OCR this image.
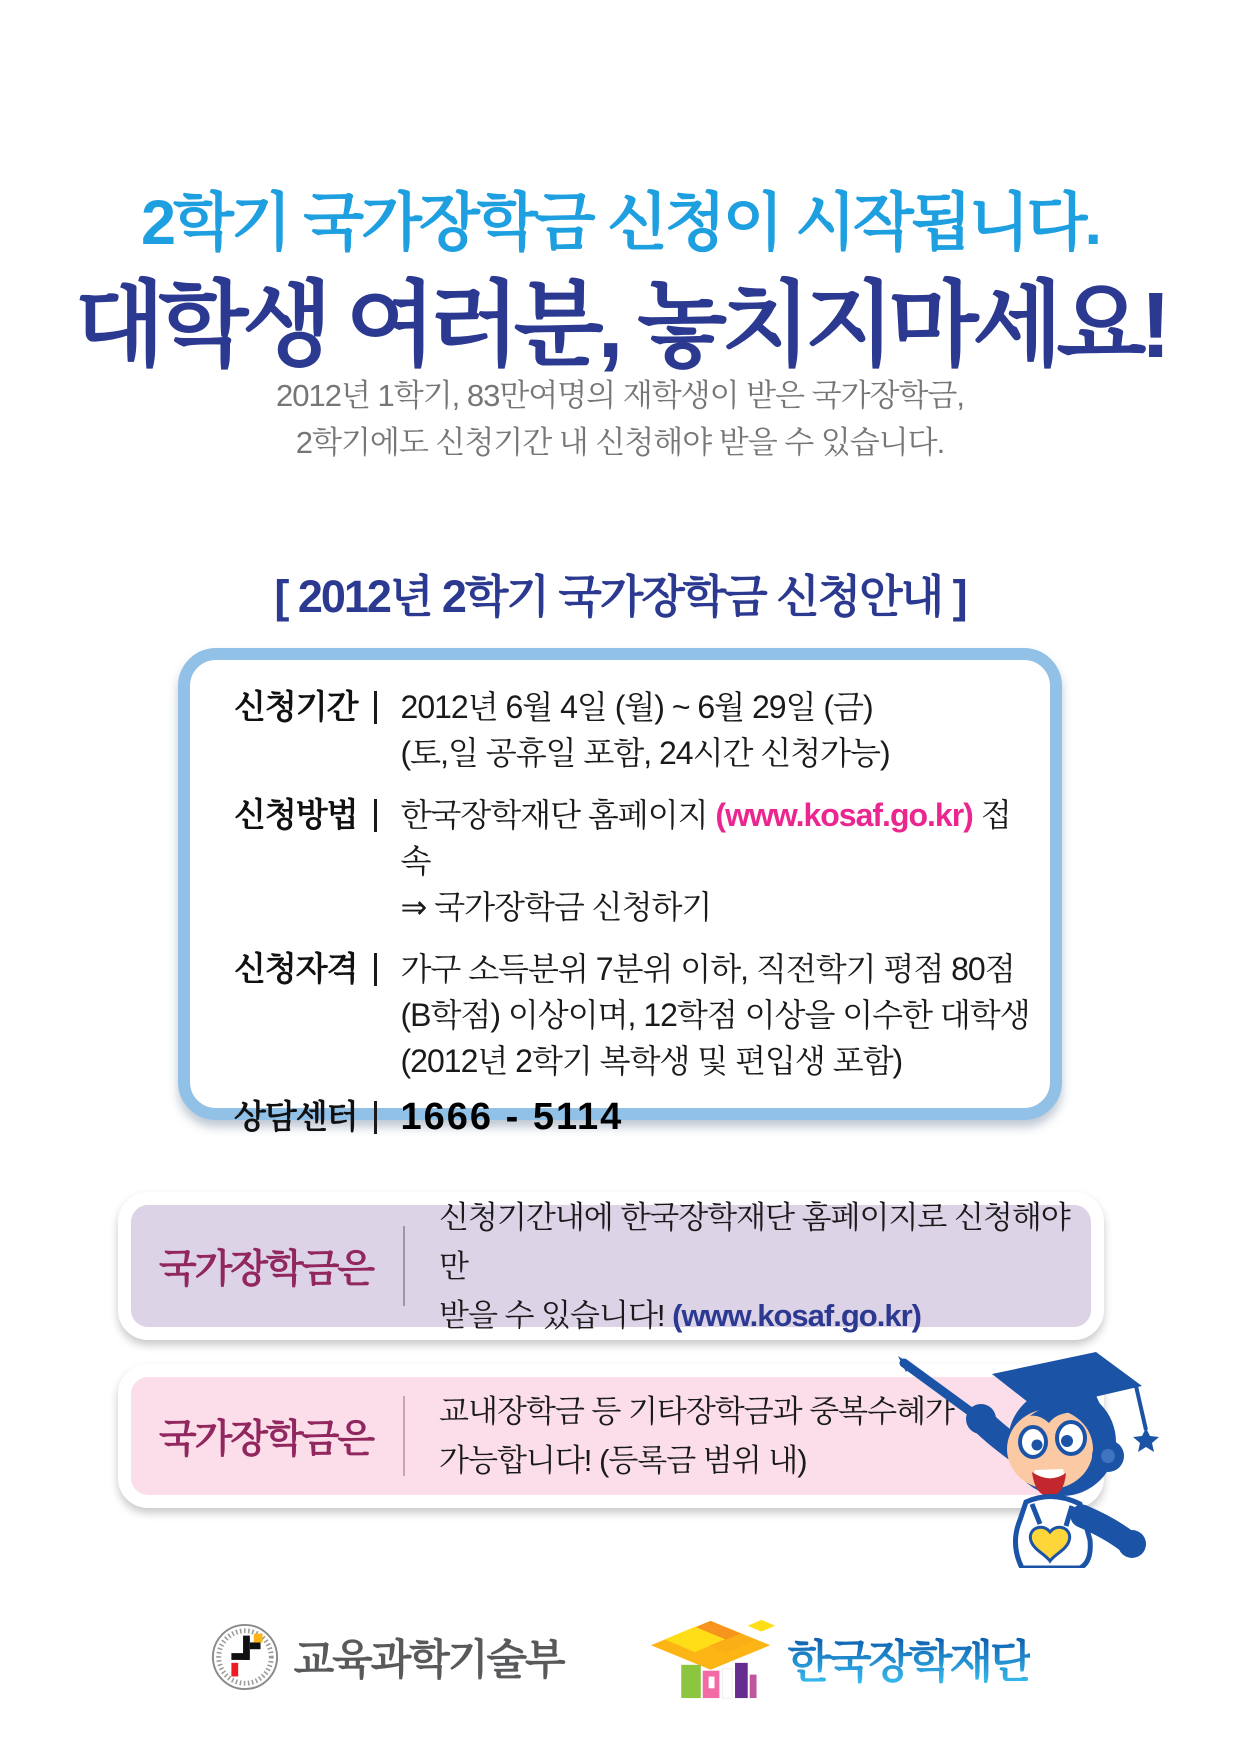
2학기 국가장학금 신청이 시작됩니다.
대학생 여러분, 놓치지마세요!
2012년 1학기, 83만여명의 재학생이 받은 국가장학금,
2학기에도 신청기간 내 신청해야 받을 수 있습니다.
[ 2012년 2학기 국가장학금 신청안내 ]
신청기간 2012년 6월 4일 (월) ~ 6월 29일 (금)
(토,일 공휴일 포함, 24시간 신청가능)
신청방법 한국장학재단 홈페이지 (www.kosaf.go.kr) 접속
⇒ 국가장학금 신청하기
신청자격 가구 소득분위 7분위 이하, 직전학기 평점 80점
(B학점) 이상이며, 12학점 이상을 이수한 대학생
(2012년 2학기 복학생 및 편입생 포함)
상담센터 1666 - 5114
국가장학금은
신청기간내에 한국장학재단 홈페이지로 신청해야만
받을 수 있습니다! (www.kosaf.go.kr)
국가장학금은
교내장학금 등 기타장학금과 중복수혜가
가능합니다! (등록금 범위 내)
교육과학기술부	한국장학재단
